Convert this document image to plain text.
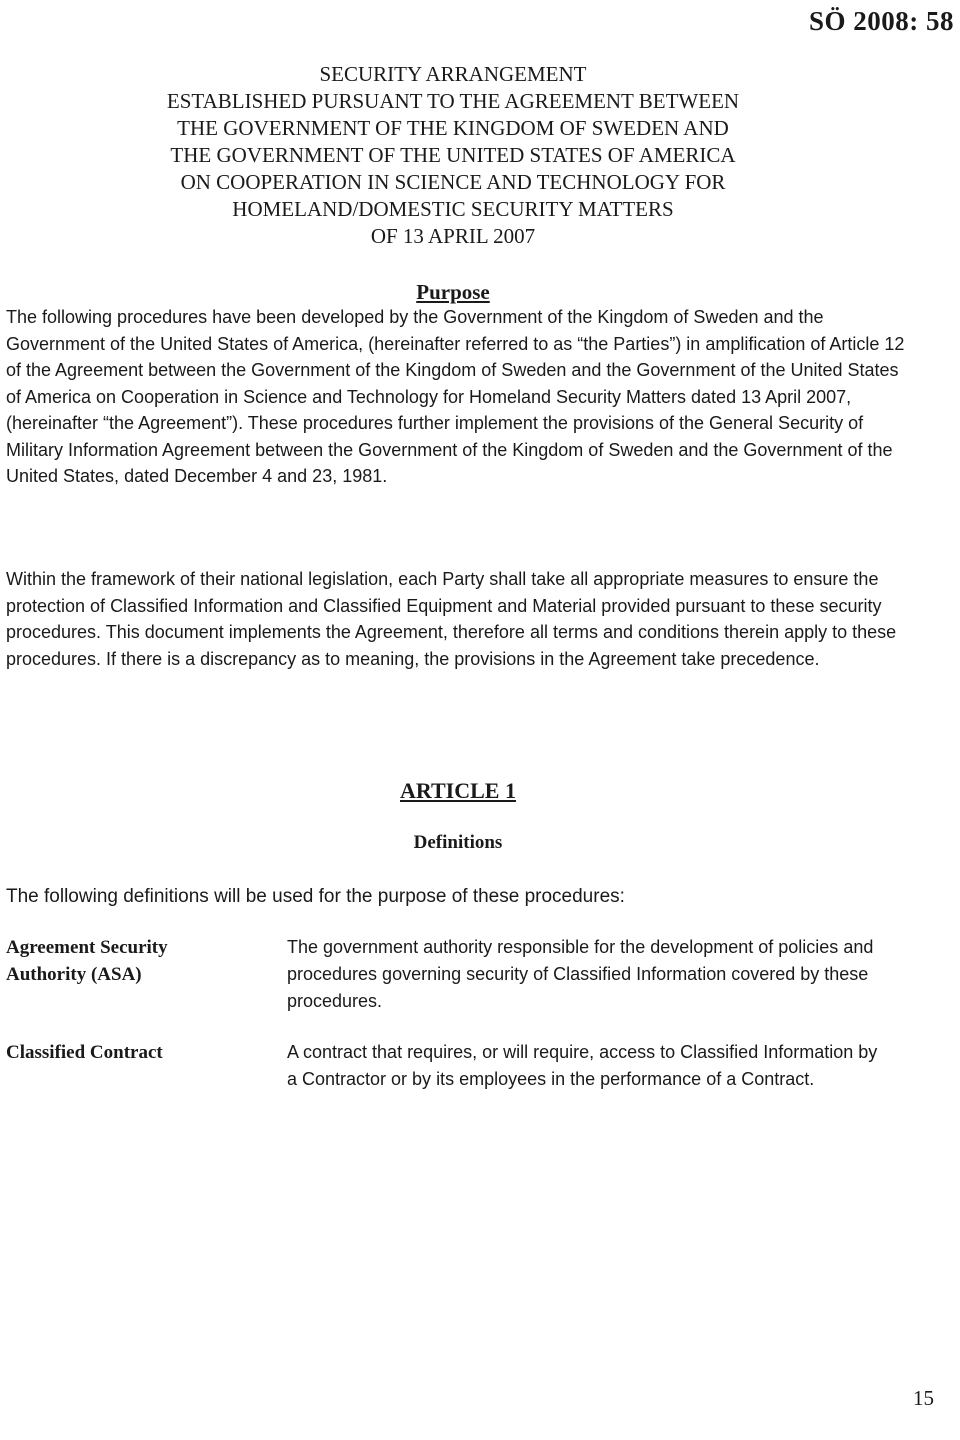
SÖ 2008: 58
SECURITY ARRANGEMENT
ESTABLISHED PURSUANT TO THE AGREEMENT BETWEEN
THE GOVERNMENT OF THE KINGDOM OF SWEDEN AND
THE GOVERNMENT OF THE UNITED STATES OF AMERICA
ON COOPERATION IN SCIENCE AND TECHNOLOGY FOR
HOMELAND/DOMESTIC SECURITY MATTERS
OF 13 APRIL 2007
Purpose

The following procedures have been developed by the Government of the Kingdom of Sweden and the Government of the United States of America, (hereinafter referred to as “the Parties”) in amplification of Article 12 of the Agreement between the Government of the Kingdom of Sweden and the Government of the United States of America on Cooperation in Science and Technology for Homeland Security Matters dated 13 April 2007, (hereinafter “the Agreement”). These procedures further implement the provisions of the General Security of Military Information Agreement between the Government of the Kingdom of Sweden and the Government of the United States, dated December 4 and 23, 1981.

Within the framework of their national legislation, each Party shall take all appropriate measures to ensure the protection of Classified Information and Classified Equipment and Material provided pursuant to these security procedures. This document implements the Agreement, therefore all terms and conditions therein apply to these procedures. If there is a discrepancy as to meaning, the provisions in the Agreement take precedence.

ARTICLE 1
Definitions

The following definitions will be used for the purpose of these procedures:

Agreement Security Authority (ASA)
The government authority responsible for the development of policies and procedures governing security of Classified Information covered by these procedures.
Classified Contract	A contract that requires, or will require, access to Classified Information by a Contractor or by its employees in the performance of a Contract.
15
